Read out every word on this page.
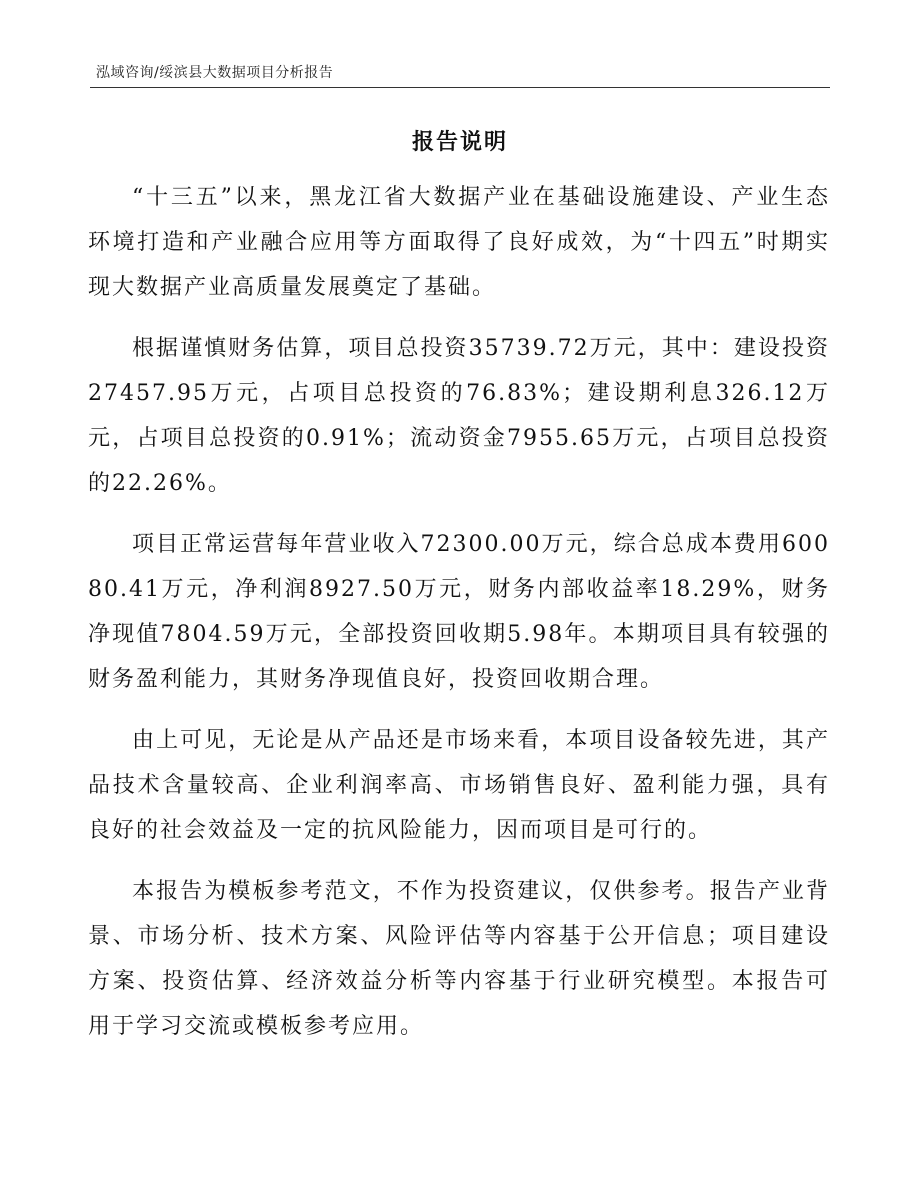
泓域咨询/绥滨县大数据项目分析报告
报告说明

“十三五”以来，黑龙江省大数据产业在基础设施建设、产业生态环境打造和产业融合应用等方面取得了良好成效，为“十四五”时期实现大数据产业高质量发展奠定了基础。

根据谨慎财务估算，项目总投资35739.72万元，其中：建设投资27457.95万元，占项目总投资的76.83%；建设期利息326.12万元，占项目总投资的0.91%；流动资金7955.65万元，占项目总投资的22.26%。

项目正常运营每年营业收入72300.00万元，综合总成本费用60080.41万元，净利润8927.50万元，财务内部收益率18.29%，财务净现值7804.59万元，全部投资回收期5.98年。本期项目具有较强的财务盈利能力，其财务净现值良好，投资回收期合理。

由上可见，无论是从产品还是市场来看，本项目设备较先进，其产品技术含量较高、企业利润率高、市场销售良好、盈利能力强，具有良好的社会效益及一定的抗风险能力，因而项目是可行的。

本报告为模板参考范文，不作为投资建议，仅供参考。报告产业背景、市场分析、技术方案、风险评估等内容基于公开信息；项目建设方案、投资估算、经济效益分析等内容基于行业研究模型。本报告可用于学习交流或模板参考应用。
